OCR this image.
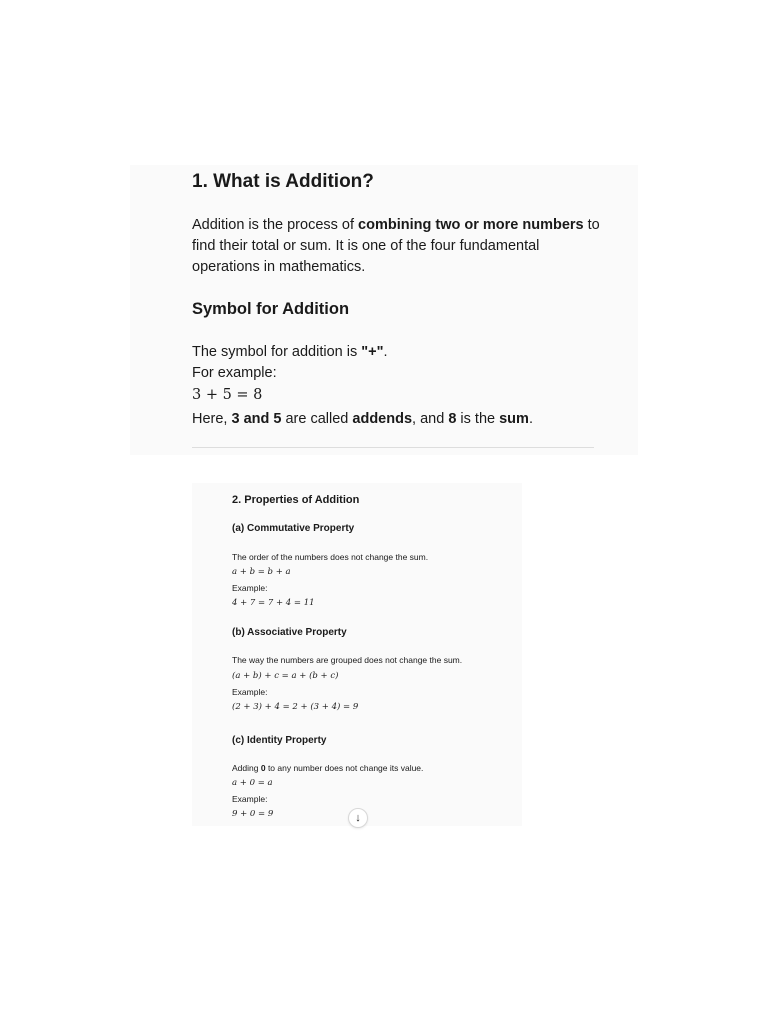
1. What is Addition?

Addition is the process of combining two or more numbers to find their total or sum. It is one of the four fundamental operations in mathematics.

Symbol for Addition

The symbol for addition is "+".

For example:

3 + 5 = 8

Here, 3 and 5 are called addends, and 8 is the sum.

2. Properties of Addition

(a) Commutative Property

The order of the numbers does not change the sum.

a + b = b + a

Example:

4 + 7 = 7 + 4 = 11

(b) Associative Property

The way the numbers are grouped does not change the sum.

(a + b) + c = a + (b + c)

Example:

(2 + 3) + 4 = 2 + (3 + 4) = 9

(c) Identity Property

Adding 0 to any number does not change its value.

a + 0 = a

Example:

9 + 0 = 9	↓
